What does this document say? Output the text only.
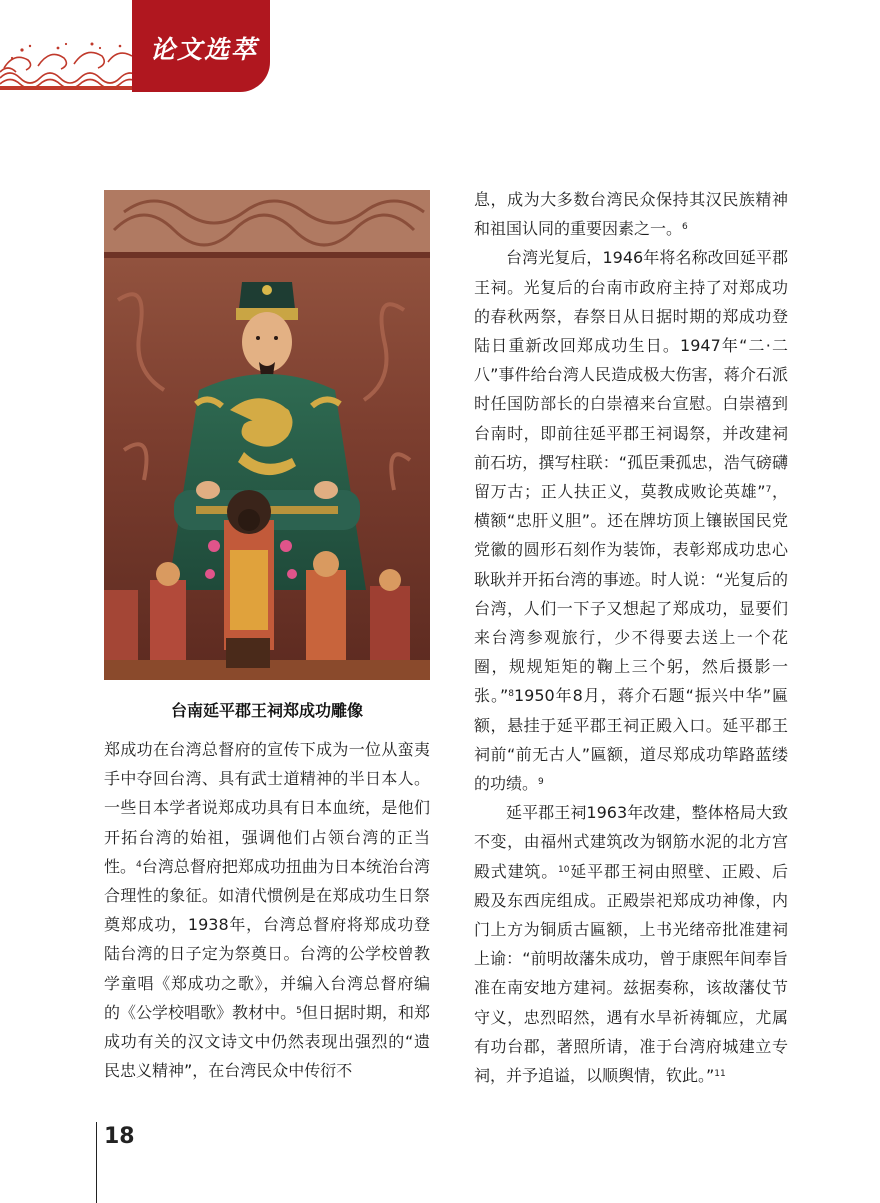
论文选萃
台南延平郡王祠郑成功雕像

郑成功在台湾总督府的宣传下成为一位从蛮夷手中夺回台湾、具有武士道精神的半日本人。一些日本学者说郑成功具有日本血统，是他们开拓台湾的始祖，强调他们占领台湾的正当性。$^4$台湾总督府把郑成功扭曲为日本统治台湾合理性的象征。如清代惯例是在郑成功生日祭奠郑成功，1938年，台湾总督府将郑成功登陆台湾的日子定为祭奠日。台湾的公学校曾教学童唱《郑成功之歌》，并编入台湾总督府编的《公学校唱歌》教材中。$^5$但日据时期，和郑成功有关的汉文诗文中仍然表现出强烈的“遗民忠义精神”，在台湾民众中传衍不

息，成为大多数台湾民众保持其汉民族精神和祖国认同的重要因素之一。$^6$

台湾光复后，1946年将名称改回延平郡王祠。光复后的台南市政府主持了对郑成功的春秋两祭，春祭日从日据时期的郑成功登陆日重新改回郑成功生日。1947年“二·二八”事件给台湾人民造成极大伤害，蒋介石派时任国防部长的白崇禧来台宣慰。白崇禧到台南时，即前往延平郡王祠谒祭，并改建祠前石坊，撰写柱联：“孤臣秉孤忠，浩气磅礴留万古；正人扶正义，莫教成败论英雄”$^7$，横额“忠肝义胆”。还在牌坊顶上镶嵌国民党党徽的圆形石刻作为装饰，表彰郑成功忠心耿耿并开拓台湾的事迹。时人说：“光复后的台湾，人们一下子又想起了郑成功，显要们来台湾参观旅行，少不得要去送上一个花圈，规规矩矩的鞠上三个躬，然后摄影一张。”$^8$1950年8月，蒋介石题“振兴中华”匾额，悬挂于延平郡王祠正殿入口。延平郡王祠前“前无古人”匾额，道尽郑成功筚路蓝缕的功绩。$^9$

延平郡王祠1963年改建，整体格局大致不变，由福州式建筑改为钢筋水泥的北方宫殿式建筑。$^{10}$延平郡王祠由照壁、正殿、后殿及东西庑组成。正殿崇祀郑成功神像，内门上方为铜质古匾额，上书光绪帝批准建祠上谕：“前明故藩朱成功，曾于康熙年间奉旨准在南安地方建祠。兹据奏称，该故藩仗节守义，忠烈昭然，遇有水旱祈祷辄应，尤属有功台郡，著照所请，准于台湾府城建立专祠，并予追谥，以顺舆情，钦此。”$^{11}$

18
